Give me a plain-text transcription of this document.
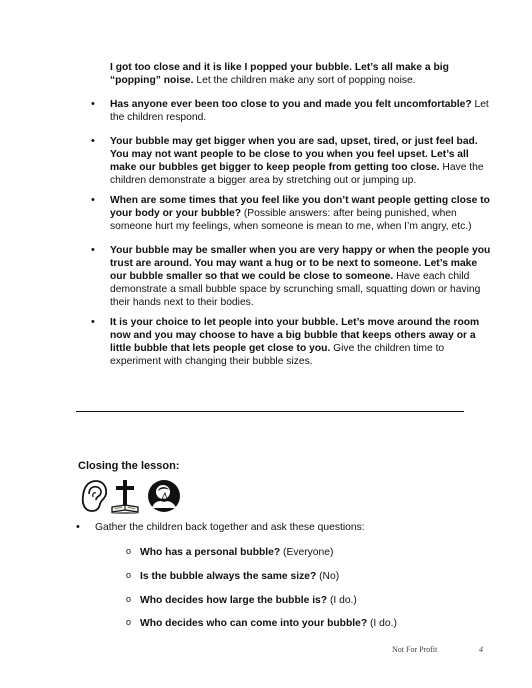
I got too close and it is like I popped your bubble. Let’s all make a big “popping” noise. Let the children make any sort of popping noise.

• Has anyone ever been too close to you and made you felt uncomfortable? Let the children respond.
• Your bubble may get bigger when you are sad, upset, tired, or just feel bad. You may not want people to be close to you when you feel upset. Let’s all make our bubbles get bigger to keep people from getting too close. Have the children demonstrate a bigger area by stretching out or jumping up.
• When are some times that you feel like you don’t want people getting close to your body or your bubble? (Possible answers: after being punished, when someone hurt my feelings, when someone is mean to me, when I’m angry, etc.)
• Your bubble may be smaller when you are very happy or when the people you trust are around. You may want a hug or to be next to someone. Let’s make our bubble smaller so that we could be close to someone. Have each child demonstrate a small bubble space by scrunching small, squatting down or having their hands next to their bodies.
• It is your choice to let people into your bubble. Let’s move around the room now and you may choose to have a big bubble that keeps others away or a little bubble that lets people get close to you. Give the children time to experiment with changing their bubble sizes.
Closing the lesson:
• Gather the children back together and ask these questions:
o Who has a personal bubble? (Everyone)
o Is the bubble always the same size? (No)
o Who decides how large the bubble is? (I do.)
o Who decides who can come into your bubble? (I do.)
Not For Profit	4
